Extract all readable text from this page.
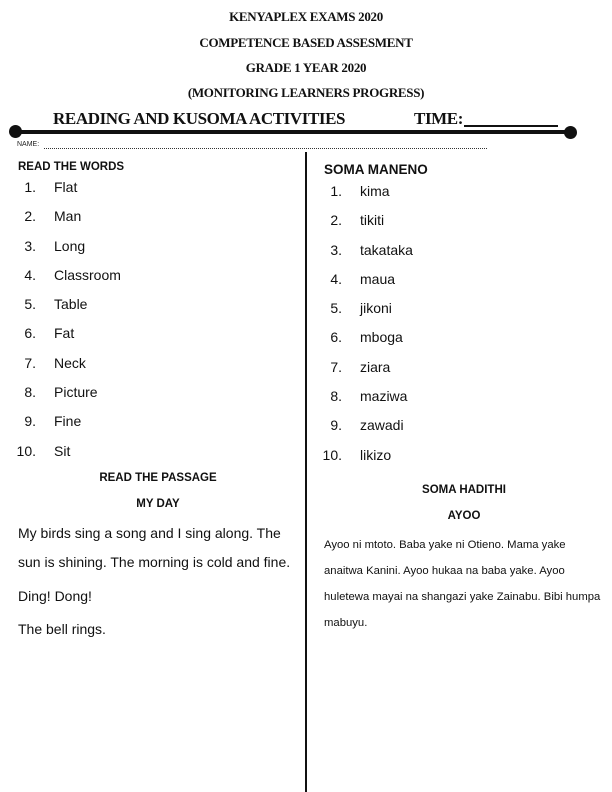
KENYAPLEX EXAMS 2020
COMPETENCE BASED ASSESMENT
GRADE 1 YEAR 2020
(MONITORING LEARNERS PROGRESS)
READING AND KUSOMA ACTIVITIES	TIME:
NAME:
READ THE WORDS
1. Flat
2. Man
3. Long
4. Classroom
5. Table
6. Fat
7. Neck
8. Picture
9. Fine
10. Sit
READ THE PASSAGE
MY DAY
My birds sing a song and I sing along. The sun is shining. The morning is cold and fine.
Ding! Dong!
The bell rings.
SOMA MANENO
1. kima
2. tikiti
3. takataka
4. maua
5. jikoni
6. mboga
7. ziara
8. maziwa
9. zawadi
10. likizo
SOMA HADITHI
AYOO
Ayoo ni mtoto. Baba yake ni Otieno. Mama yake anaitwa Kanini. Ayoo hukaa na baba yake. Ayoo huletewa mayai na shangazi yake Zainabu. Bibi humpa mabuyu.
